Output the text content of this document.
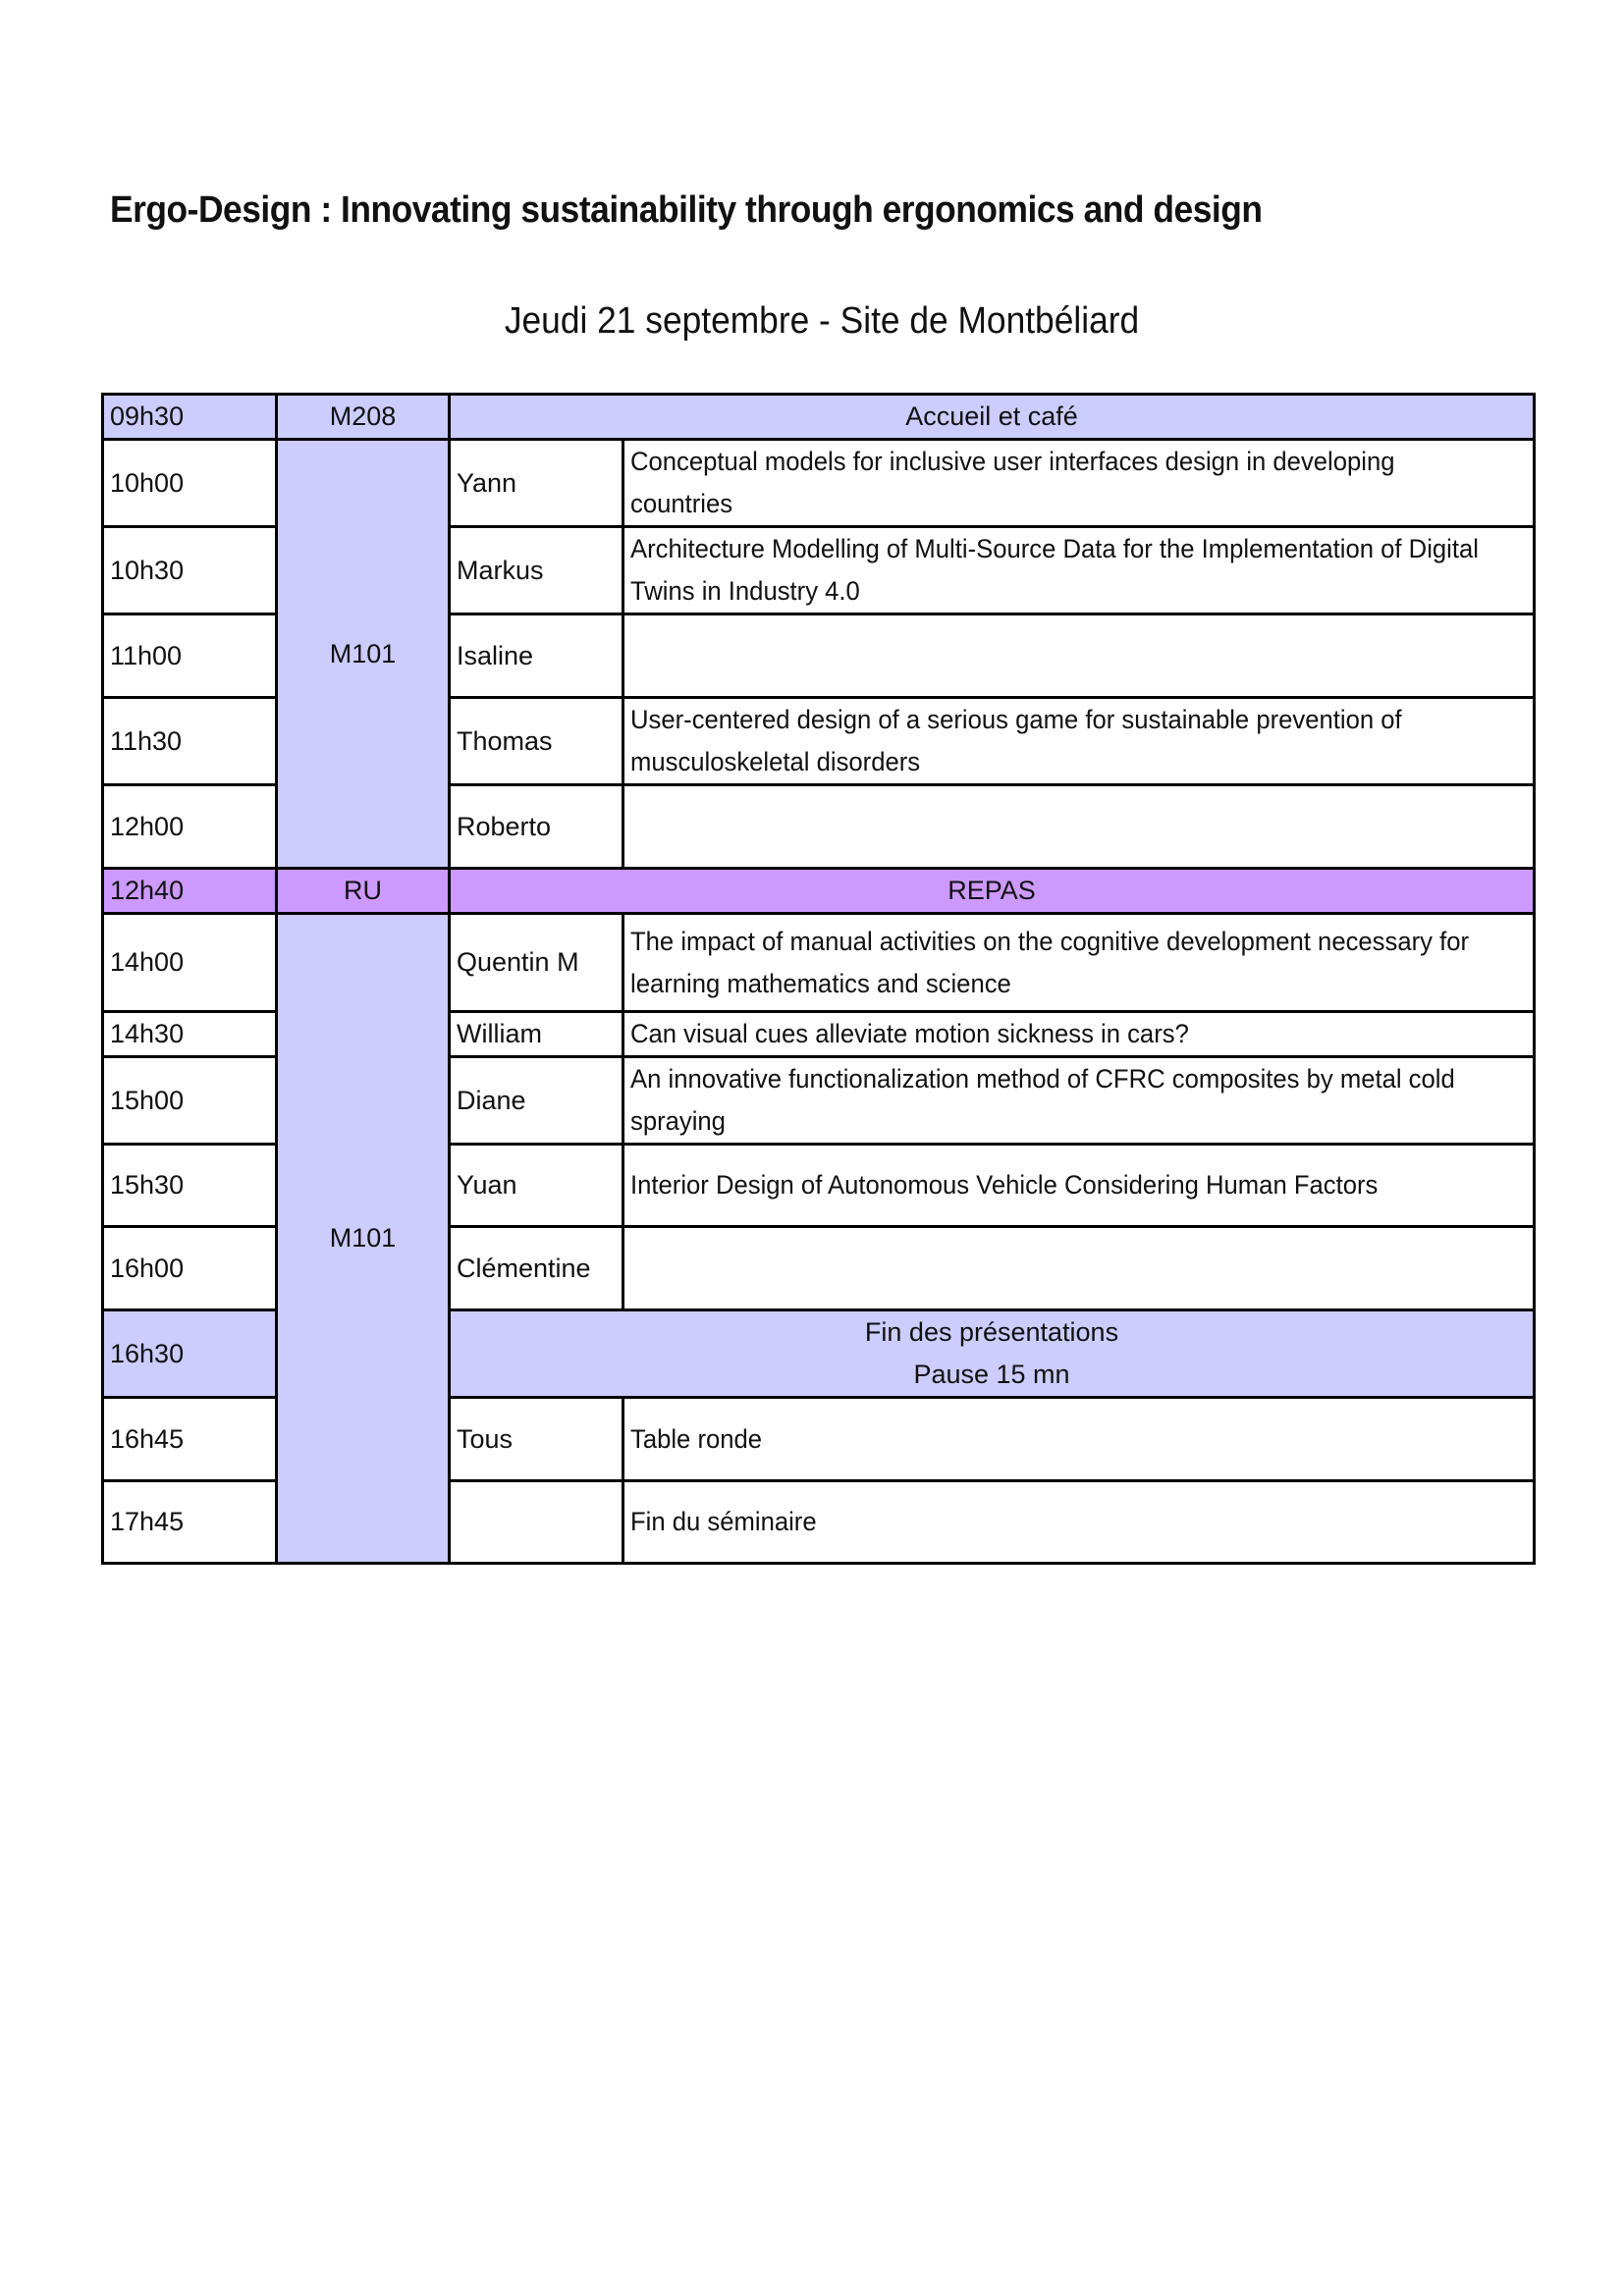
Ergo-Design : Innovating sustainability through ergonomics and design
Jeudi 21 septembre - Site de Montbéliard
09h30	M208	Accueil et café	
10h00	M101	Yann	Conceptual models for inclusive user interfaces design in developing countries

10h30		Markus	Architecture Modelling of Multi-Source Data for the Implementation of Digital Twins in Industry 4.0

11h00		Isaline	

11h30		Thomas	User-centered design of a serious game for sustainable prevention of musculoskeletal disorders

12h00		Roberto	

12h40	RU	REPAS	
14h00	M101	Quentin M	The impact of manual activities on the cognitive development necessary for learning mathematics and science

14h30		William	Can visual cues alleviate motion sickness in cars?

15h00		Diane	An innovative functionalization method of CFRC composites by metal cold spraying

15h30		Yuan	Interior Design of Autonomous Vehicle Considering Human Factors

16h00		Clémentine	

16h30		Fin des présentations
Pause 15 mn	

16h45		Tous	Table ronde

17h45			Fin du séminaire
